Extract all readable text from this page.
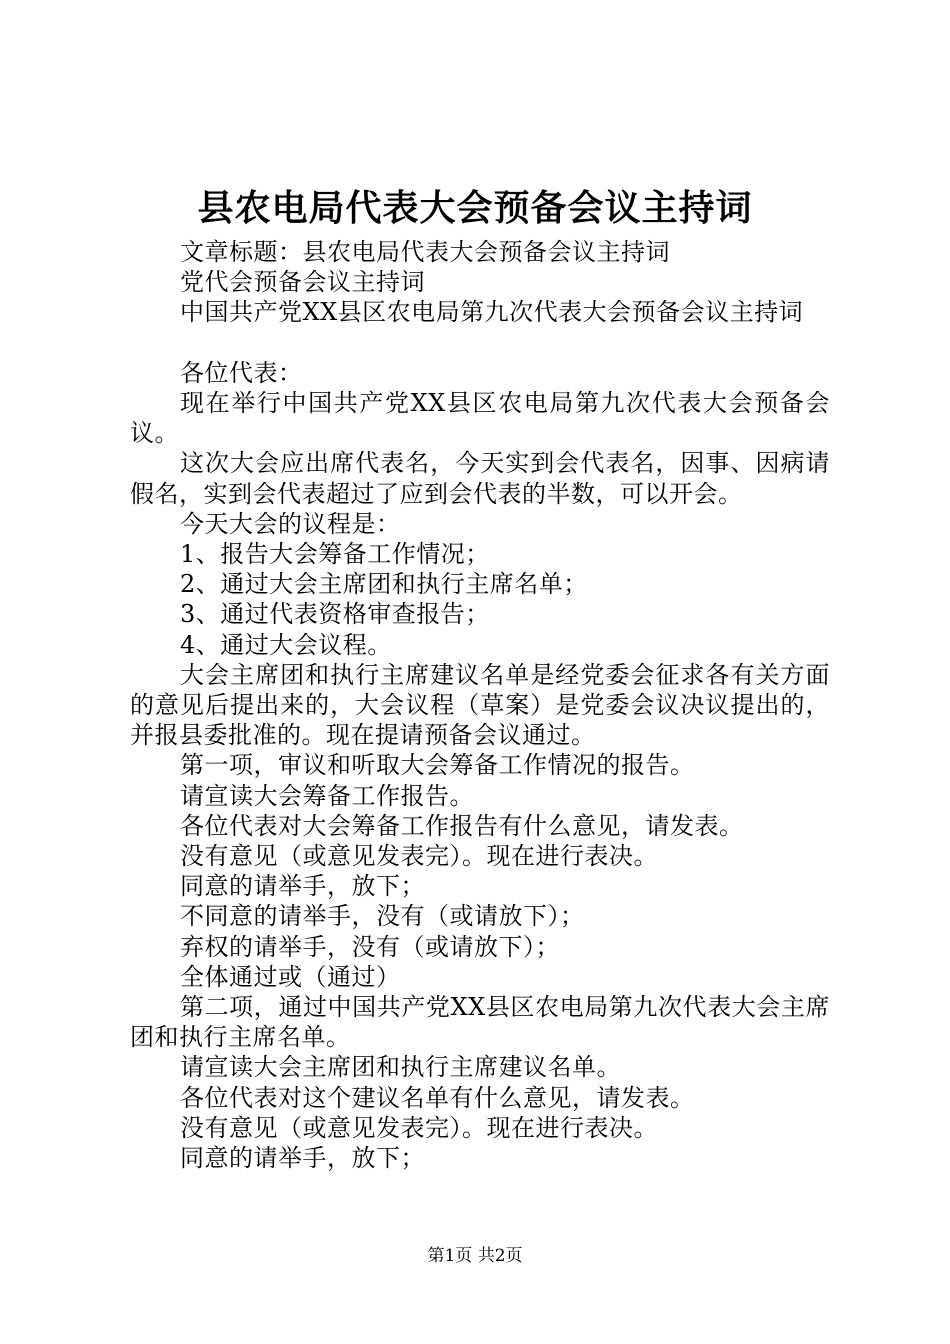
县农电局代表大会预备会议主持词

文章标题：县农电局代表大会预备会议主持词

党代会预备会议主持词

中国共产党XX县区农电局第九次代表大会预备会议主持词

各位代表：

现在举行中国共产党XX县区农电局第九次代表大会预备会议。

这次大会应出席代表名，今天实到会代表名，因事、因病请假名，实到会代表超过了应到会代表的半数，可以开会。

今天大会的议程是：

1、报告大会筹备工作情况；

2、通过大会主席团和执行主席名单；

3、通过代表资格审查报告；

4、通过大会议程。

大会主席团和执行主席建议名单是经党委会征求各有关方面的意见后提出来的，大会议程（草案）是党委会议决议提出的，并报县委批准的。现在提请预备会议通过。

第一项，审议和听取大会筹备工作情况的报告。

请宣读大会筹备工作报告。

各位代表对大会筹备工作报告有什么意见，请发表。

没有意见（或意见发表完）。现在进行表决。

同意的请举手，放下；

不同意的请举手，没有（或请放下）；

弃权的请举手，没有（或请放下）；

全体通过或（通过）

第二项，通过中国共产党XX县区农电局第九次代表大会主席团和执行主席名单。

请宣读大会主席团和执行主席建议名单。

各位代表对这个建议名单有什么意见，请发表。

没有意见（或意见发表完）。现在进行表决。

同意的请举手，放下；

第1页 共2页
